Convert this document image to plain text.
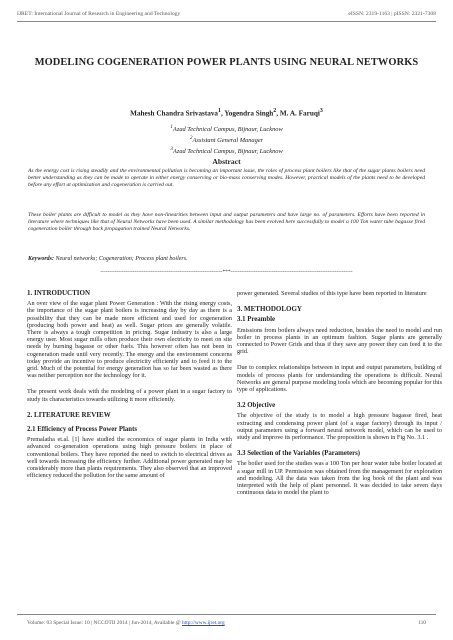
IJRET: International Journal of Research in Engineering and Technology	eISSN: 2319-1163 | pISSN: 2321-7308
MODELING COGENERATION POWER PLANTS USING NEURAL NETWORKS
Mahesh Chandra Srivastava$^1$, Yogendra Singh$^2$, M. A. Faruqi$^3$
$^1$Azad Technical Campus, Bijnaur, Lucknow
$^2$Assistant General Manager
$^3$Azad Technical Campus, Bijnaur, Lucknow
Abstract
As the energy cost is rising steadily and the environmental pollution is becoming an important issue, the roles of process plant boilers like that of the sugar plants boilers need better understanding as they can be made to operate in either energy conserving or bio-mass conserving modes. However, practical models of the plants need to be developed before any effort at optimization and cogeneration is carried out.
These boiler plants are difficult to model as they have non-linearities between input and output parameters and have large no. of parameters. Efforts have been reported in literature where techniques like that of Neural Networks have been used. A similar methodology has been evolved here successfully to model a 100 Ton water tube bagasse fired cogeneration boiler through back propagation trained Neural Networks.
Keywords: Neural networks; Cogeneration; Process plant boilers.
--------------------------------------------------------------------***--------------------------------------------------------------------
1. INTRODUCTION

An over view of the sugar plant Power Generation : With the rising energy costs, the importance of the sugar plant boilers is increasing day by day as there is a possibility that they can be made more efficient and used for cogeneration (producing both power and heat) as well. Sugar prices are generally volatile. There is always a tough competition in pricing. Sugar industry is also a large energy user. Most sugar mills often produce their own electricity to meet on site needs by burning bagasse or other fuels. This however often has not been in cogeneration made until very recently. The energy and the environment concerns today provide an incentive to produce electricity efficiently and to feed it to the grid. Much of the potential for energy generation has so far been wasted as there was neither perception nor the technology for it.

The present work deals with the modeling of a power plant in a sugar factory to study its characteristics towards utilizing it more efficiently.

2. LITERATURE REVIEW
2.1 Efficiency of Process Power Plants

Premalatha et.al. [1] have studied the economics of sugar plants in India with advanced co-generation operations using high pressure boilers in place of conventional boilers. They have reported the need to switch to electrical drives as well towards increasing the efficiency further. Additional power generated may be considerably more than plants requirements. They also observed that an improved efficiency reduced the pollution for the same amount of

power generated. Several studies of this type have been reported in literature

3. METHODOLOGY
3.1 Preamble

Emissions from boilers always need reduction, besides the need to model and run boiler in process plants in an optimum fashion. Sugar plants are generally connected to Power Grids and thus if they save any power they can feed it to the grid.

Due to complex relationships between in input and output parameters, building of models of process plants for understanding the operations is difficult. Neural Networks are general purpose modeling tools which are becoming popular for this type of applications.

3.2 Objective

The objective of the study is to model a high pressure bagasse fired, heat extracting and condensing power plant (of a sugar factory) through its input / output parameters using a forward neural network model, which can be used to study and improve its performance. The proposition is shown in Fig No. 3.1 .

3.3 Selection of the Variables (Parameters)

The boiler used for the studies was a 100 Ton per hour water tube boiler located at a sugar mill in UP. Permission was obtained from the management for exploration and modeling. All the data was taken from the log book of the plant and was interpreted with the help of plant personnel. It was decided to take seven days continuous data to model the plant to

Volume: 03 Special Issue: 10 | NCCOTII 2014 | Jun-2014, Available @ http://www.ijret.org	110
